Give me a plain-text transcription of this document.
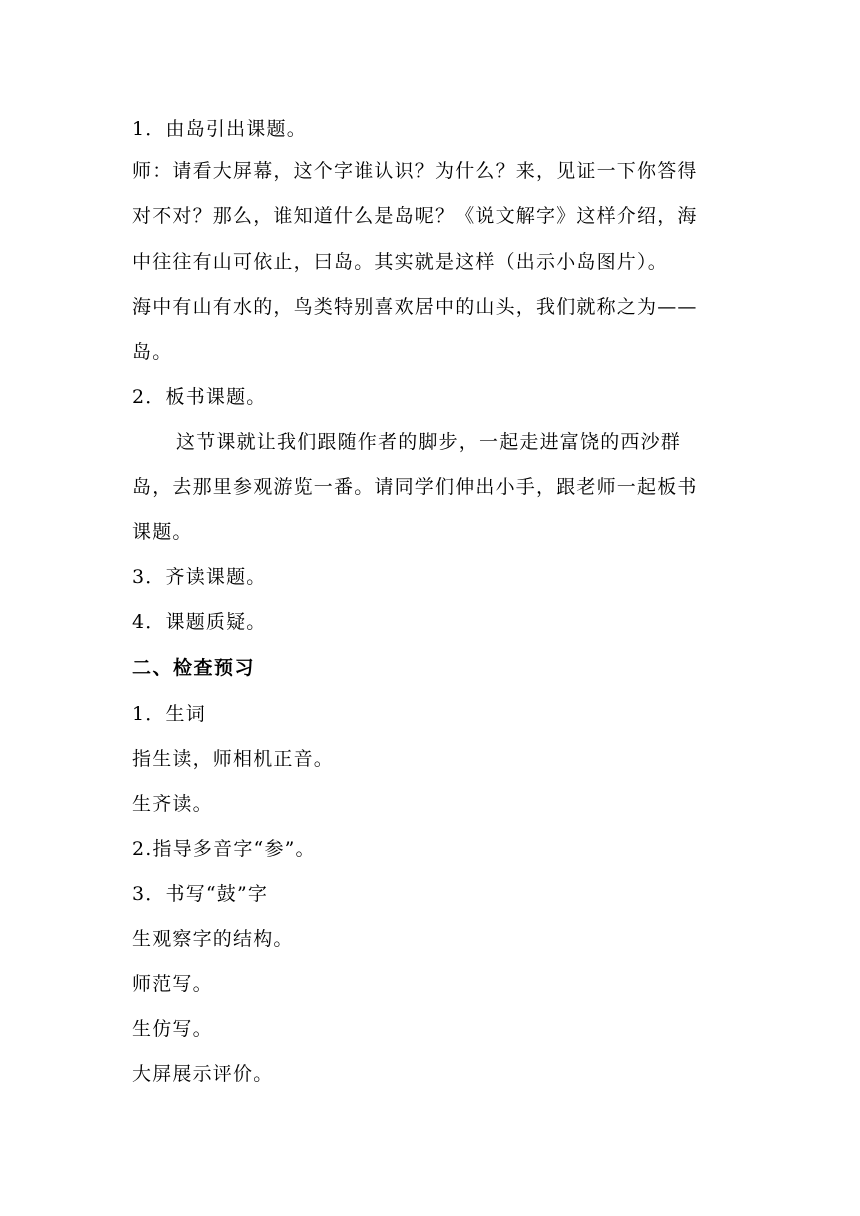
1．由岛引出课题。
师：请看大屏幕，这个字谁认识？为什么？来，见证一下你答得
对不对？那么，谁知道什么是岛呢？《说文解字》这样介绍，海
中往往有山可依止，曰岛。其实就是这样（出示小岛图片）。
海中有山有水的，鸟类特别喜欢居中的山头，我们就称之为——
岛。
2．板书课题。
这节课就让我们跟随作者的脚步，一起走进富饶的西沙群
岛，去那里参观游览一番。请同学们伸出小手，跟老师一起板书
课题。
3．齐读课题。
4．课题质疑。
二、检查预习
1．生词
指生读，师相机正音。
生齐读。
2.指导多音字“参”。
3．书写“鼓”字
生观察字的结构。
师范写。
生仿写。
大屏展示评价。
